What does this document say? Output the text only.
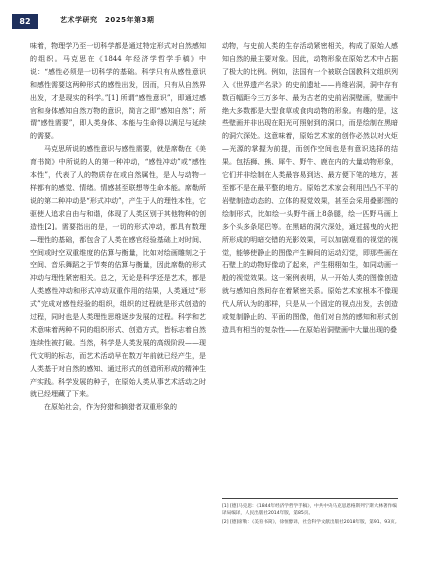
82	艺术学研究　2025年第3期

味着，物理学乃至一切科学都是通过特定形式对自然感知的组织。马克思在《1844 年经济学哲学手稿》中说：“感性必须是一切科学的基础。科学只有从感性意识和感性需要这两种形式的感性出发，因而，只有从自然界出发，才是现实的科学。”[1] 所谓“感性意识”，即通过感官和身体感知自然万物的意识，简言之即“感知自然”；所谓“感性需要”，即人类身体、本能与生命得以满足与延续的需要。

马克思所说的感性意识与感性需要，就是席勒在《美育书简》中所说的人的第一种冲动，“感性冲动”或“感性本性”，代表了人的物质存在或自然属性，是人与动物一样都有的感觉、情绪。情感甚至联想等生命本能。席勒所说的第二种冲动是“形式冲动”，产生于人的理性本性，它驱使人追求自由与和谐，体现了人类区别于其他物种的创造性[2]。需要指出的是，一切的形式冲动，都具有数理—理性的基础，都包含了人类在感官经验基础上对时间、空间或时空双重维度的估算与衡量，比如对绘画雕刻之于空间、音乐舞蹈之于节奏的估算与衡量，因此席勒的形式冲动与理性紧密相关。总之，无论是科学还是艺术，都是人类感性冲动和形式冲动双重作用的结果，人类通过“形式”完成对感性经验的组织，组织的过程就是形式创造的过程，同时也是人类理性思维逐步发展的过程。科学和艺术意味着两种不同的组织形式、创造方式，皆标志着自然连续性被打破。当然，科学是人类发展的高级阶段——现代文明的标志，而艺术活动早在数万年前就已经产生，是人类基于对自然的感知、通过形式的创造所形成的精神生产实践。科学发展的种子，在原始人类从事艺术活动之时就已经埋藏了下来。

在原始社会，作为狩猎和摘猎者双重形象的

动物，与史前人类的生存活动紧密相关，构成了原始人感知自然的最主要对象。因此，动物形象在原始艺术中占据了极大的比例。例如，法国有一个被联合国教科文组织列入《世界遗产名录》的史前遗址——肖维岩洞，洞中存有数百幅距今三万多年、最为古老的史前岩洞壁画，壁画中绝大多数都是大型食草或食肉动物的形象。有趣的是，这些壁画并非出现在阳光可照射到的洞口，而是绘制在黑暗的洞穴深处。这意味着，原始艺术家的创作必然以对火炬—光源的掌握为前提，而创作空间也是有意识选择的结果。包括狮、熊、犀牛、野牛、鹿在内的大量动物形象，它们并非绘制在人类最容易到达、最方便下笔的地方，甚至都不是在最平整的地方。原始艺术家会利用凹凸不平的岩壁制造动态的、立体的视觉效果，甚至会采用叠影图的绘制形式，比如绘一头野牛画上8条腿，绘一匹野马画上多个头多条尾巴等。在黑暗的洞穴深处，通过摇曳的火把所形成的明暗交错的光影效果，可以加剧观看的视觉的视觉，能够使静止的图像产生瞬间的运动幻觉，即那些画在石壁上的动物好像动了起来，产生栩栩如生，如同动画一般的视觉效果。这一案例表明，从一开始人类的图像创造就与感知自然间存在着紧密关系。原始艺术家根本不像现代人所认为的那样，只是从一个固定的视点出发，去创造或复制静止的、平面的图像，他们对自然的感知和形式创造具有相当的复杂性——在原始岩洞壁画中大量出现的叠

[1] [德]马克思：《1844年经济学哲学手稿》，中共中央马克思恩格斯列宁斯大林著作编译局编译，人民出版社2014年版，第85页。
[2] [德]席勒：《美育书简》，徐恒醇译，社会科学文献出版社2018年版，第91、93页。
